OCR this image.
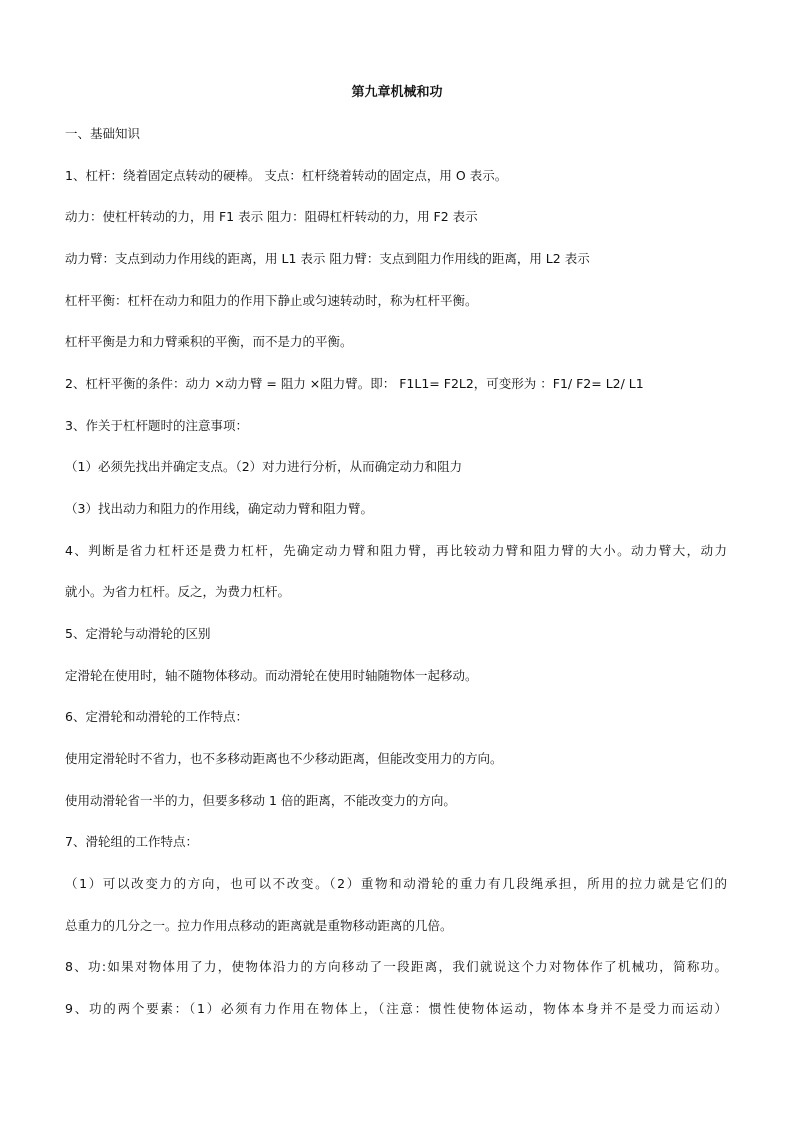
第九章机械和功
一、基础知识
1、杠杆：绕着固定点转动的硬棒。 支点：杠杆绕着转动的固定点，用 O 表示。
动力：使杠杆转动的力，用 F1 表示 阻力：阻碍杠杆转动的力，用 F2 表示
动力臂：支点到动力作用线的距离，用 L1 表示 阻力臂：支点到阻力作用线的距离，用 L2 表示
杠杆平衡：杠杆在动力和阻力的作用下静止或匀速转动时，称为杠杆平衡。
杠杆平衡是力和力臂乘积的平衡，而不是力的平衡。
2、杠杆平衡的条件：动力 ×动力臂 = 阻力 ×阻力臂。即： F1L1= F2L2，可变形为 ：F1/ F2= L2/ L1
3、作关于杠杆题时的注意事项：
（1）必须先找出并确定支点。（2）对力进行分析，从而确定动力和阻力
（3）找出动力和阻力的作用线，确定动力臂和阻力臂。
4、判断是省力杠杆还是费力杠杆，先确定动力臂和阻力臂，再比较动力臂和阻力臂的大小。动力臂大，动力
就小。为省力杠杆。反之，为费力杠杆。
5、定滑轮与动滑轮的区别
定滑轮在使用时，轴不随物体移动。而动滑轮在使用时轴随物体一起移动。
6、定滑轮和动滑轮的工作特点：
使用定滑轮时不省力，也不多移动距离也不少移动距离，但能改变用力的方向。
使用动滑轮省一半的力，但要多移动 1 倍的距离，不能改变力的方向。
7、滑轮组的工作特点：
（1）可以改变力的方向，也可以不改变。（2）重物和动滑轮的重力有几段绳承担，所用的拉力就是它们的
总重力的几分之一。拉力作用点移动的距离就是重物移动距离的几倍。
8、功:如果对物体用了力，使物体沿力的方向移动了一段距离，我们就说这个力对物体作了机械功，简称功。
9、功的两个要素：（1）必须有力作用在物体上，（注意：惯性使物体运动，物体本身并不是受力而运动）
